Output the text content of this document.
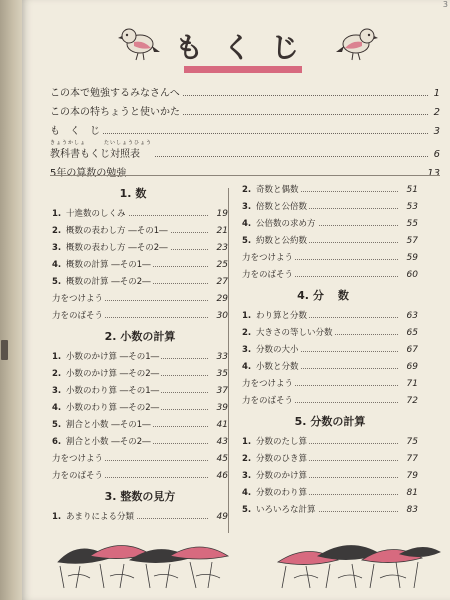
3
もくじ
この本で勉強するみなさんへ	1
この本の特ちょうと使いかた	2
も　く　じ	3
きょうかしょ　　　たいしょうひょう
教科書もくじ対照表	6
5年の算数の勉強	13
1. 数
1. 十進数のしくみ	19
2. 概数の表わし方 ―その1―	21
3. 概数の表わし方 ―その2―	23
4. 概数の計算 ―その1―	25
5. 概数の計算 ―その2―	27
力をつけよう	29
力をのばそう	30
2. 小数の計算
1. 小数のかけ算 ―その1―	33
2. 小数のかけ算 ―その2―	35
3. 小数のわり算 ―その1―	37
4. 小数のわり算 ―その2―	39
5. 割合と小数 ―その1―	41
6. 割合と小数 ―その2―	43
力をつけよう	45
力をのばそう	46
3. 整数の見方
1. あまりによる分類	49
2. 奇数と偶数	51
3. 倍数と公倍数	53
4. 公倍数の求め方	55
5. 約数と公約数	57
力をつけよう	59
力をのばそう	60
4. 分数
1. わり算と分数	63
2. 大きさの等しい分数	65
3. 分数の大小	67
4. 小数と分数	69
力をつけよう	71
力をのばそう	72
5. 分数の計算
1. 分数のたし算	75
2. 分数のひき算	77
3. 分数のかけ算	79
4. 分数のわり算	81
5. いろいろな計算	83
